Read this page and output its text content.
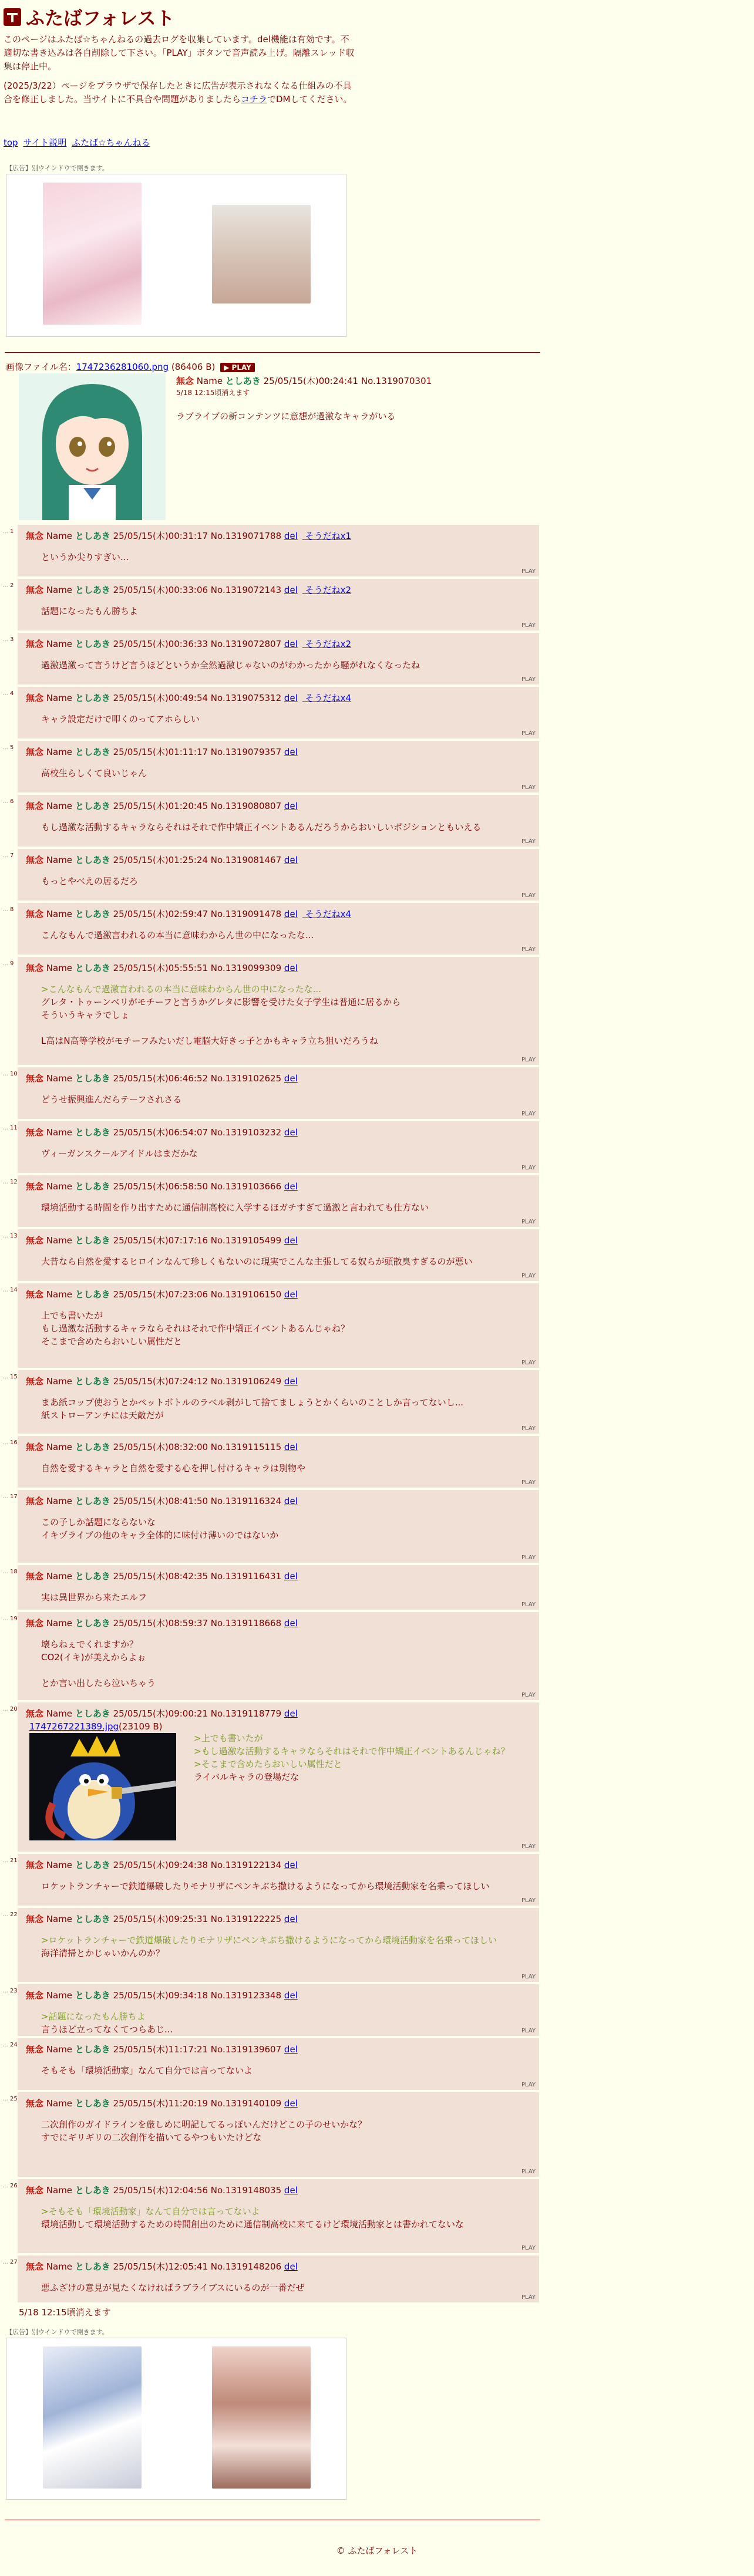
ふたばフォレスト

このページはふたば☆ちゃんねるの過去ログを収集しています。del機能は有効です。不適切な書き込みは各自削除して下さい。「PLAY」ボタンで音声読み上げ。隔離スレッド収集は停止中。

(2025/3/22）ページをブラウザで保存したときに広告が表示されなくなる仕組みの不具合を修正しました。当サイトに不具合や問題がありましたらコチラでDMしてください。

top サイト説明 ふたば☆ちゃんねる
【広告】別ウインドウで開きます。
画像ファイル名：1747236281060.png (86406 B) ▶ PLAY
無念 Name としあき 25/05/15(木)00:24:41 No.1319070301
5/18 12:15頃消えます
ラブライブの新コンテンツに意想が過激なキャラがいる
無念 Name としあき 25/05/15(木)00:31:17 No.1319071788 del そうだねx1
というか尖りすぎい...
PLAY
無念 Name としあき 25/05/15(木)00:33:06 No.1319072143 del そうだねx2
話題になったもん勝ちよ
PLAY
無念 Name としあき 25/05/15(木)00:36:33 No.1319072807 del そうだねx2
過激過激って言うけど言うほどというか全然過激じゃないのがわかったから騒がれなくなったね
PLAY
無念 Name としあき 25/05/15(木)00:49:54 No.1319075312 del そうだねx4
キャラ設定だけで叩くのってアホらしい
PLAY
無念 Name としあき 25/05/15(木)01:11:17 No.1319079357 del
高校生らしくて良いじゃん
PLAY
無念 Name としあき 25/05/15(木)01:20:45 No.1319080807 del
もし過激な活動するキャラならそれはそれで作中矯正イベントあるんだろうからおいしいポジションともいえる
PLAY
無念 Name としあき 25/05/15(木)01:25:24 No.1319081467 del
もっとやべえの居るだろ
PLAY
無念 Name としあき 25/05/15(木)02:59:47 No.1319091478 del そうだねx4
こんなもんで過激言われるの本当に意味わからん世の中になったな...
PLAY
無念 Name としあき 25/05/15(木)05:55:51 No.1319099309 del
>こんなもんで過激言われるの本当に意味わからん世の中になったな...
グレタ・トゥーンベリがモチーフと言うかグレタに影響を受けた女子学生は普通に居るから
そういうキャラでしょ
L高はN高等学校がモチーフみたいだし電脳大好きっ子とかもキャラ立ち狙いだろうね
PLAY
無念 Name としあき 25/05/15(木)06:46:52 No.1319102625 del
どうせ振興進んだらテーフされさる
PLAY
無念 Name としあき 25/05/15(木)06:54:07 No.1319103232 del
ヴィーガンスクールアイドルはまだかな
PLAY
無念 Name としあき 25/05/15(木)06:58:50 No.1319103666 del
環境活動する時間を作り出すために通信制高校に入学するほガチすぎて過激と言われても仕方ない
PLAY
無念 Name としあき 25/05/15(木)07:17:16 No.1319105499 del
大昔なら自然を愛するヒロインなんて珍しくもないのに現実でこんな主張してる奴らが頭散臭すぎるのが悪い
PLAY
無念 Name としあき 25/05/15(木)07:23:06 No.1319106150 del
上でも書いたが
もし過激な活動するキャラならそれはそれで作中矯正イベントあるんじゃね？
そこまで含めたらおいしい属性だと
PLAY
無念 Name としあき 25/05/15(木)07:24:12 No.1319106249 del
まあ紙コップ使おうとかペットボトルのラベル剥がして捨てましょうとかくらいのことしか言ってないし...
紙ストローアンチには天敵だが
PLAY
無念 Name としあき 25/05/15(木)08:32:00 No.1319115115 del
自然を愛するキャラと自然を愛する心を押し付けるキャラは別物や
PLAY
無念 Name としあき 25/05/15(木)08:41:50 No.1319116324 del
この子しか話題にならないな
イキヅライブの他のキャラ全体的に味付け薄いのではないか
PLAY
無念 Name としあき 25/05/15(木)08:42:35 No.1319116431 del
実は異世界から来たエルフ
PLAY
無念 Name としあき 25/05/15(木)08:59:37 No.1319118668 del
壊らねぇでくれますか？
CO2(イキ)が美えからよぉ
とか言い出したら泣いちゃう
PLAY
無念 Name としあき 25/05/15(木)09:00:21 No.1319118779 del
1747267221389.jpg(23109 B)
>上でも書いたが
>もし過激な活動するキャラならそれはそれで作中矯正イベントあるんじゃね？
>そこまで含めたらおいしい属性だと
ライバルキャラの登場だな
PLAY
無念 Name としあき 25/05/15(木)09:24:38 No.1319122134 del
ロケットランチャーで鉄道爆破したりモナリザにペンキぶち撒けるようになってから環境活動家を名乗ってほしい
PLAY
無念 Name としあき 25/05/15(木)09:25:31 No.1319122225 del
>ロケットランチャーで鉄道爆破したりモナリザにペンキぶち撒けるようになってから環境活動家を名乗ってほしい
海洋清掃とかじゃいかんのか？
PLAY
無念 Name としあき 25/05/15(木)09:34:18 No.1319123348 del
>話題になったもん勝ちよ
言うほど立ってなくてつらあじ...	PLAY
無念 Name としあき 25/05/15(木)11:17:21 No.1319139607 del
そもそも「環境活動家」なんて自分では言ってないよ
PLAY
無念 Name としあき 25/05/15(木)11:20:19 No.1319140109 del
二次創作のガイドラインを厳しめに明記してるっぽいんだけどこの子のせいかな？
すでにギリギリの二次創作を描いてるやつもいたけどな
PLAY
無念 Name としあき 25/05/15(木)12:04:56 No.1319148035 del
>そもそも「環境活動家」なんて自分では言ってないよ
環境活動して環境活動するための時間創出のために通信制高校に来てるけど環境活動家とは書かれてないな
PLAY
無念 Name としあき 25/05/15(木)12:05:41 No.1319148206 del
悪ふざけの意見が見たくなければラブライブスにいるのが一番だぜ
PLAY
5/18 12:15頃消えます
【広告】別ウインドウで開きます。
© ふたばフォレスト
… 1
… 2
… 3
… 4
… 5
… 6
… 7
… 8
… 9
… 10
… 11
… 12
… 13
… 14
… 15
… 16
… 17
… 18
… 19
… 20
… 21
… 22
… 23
… 24
… 25
… 26
… 27
